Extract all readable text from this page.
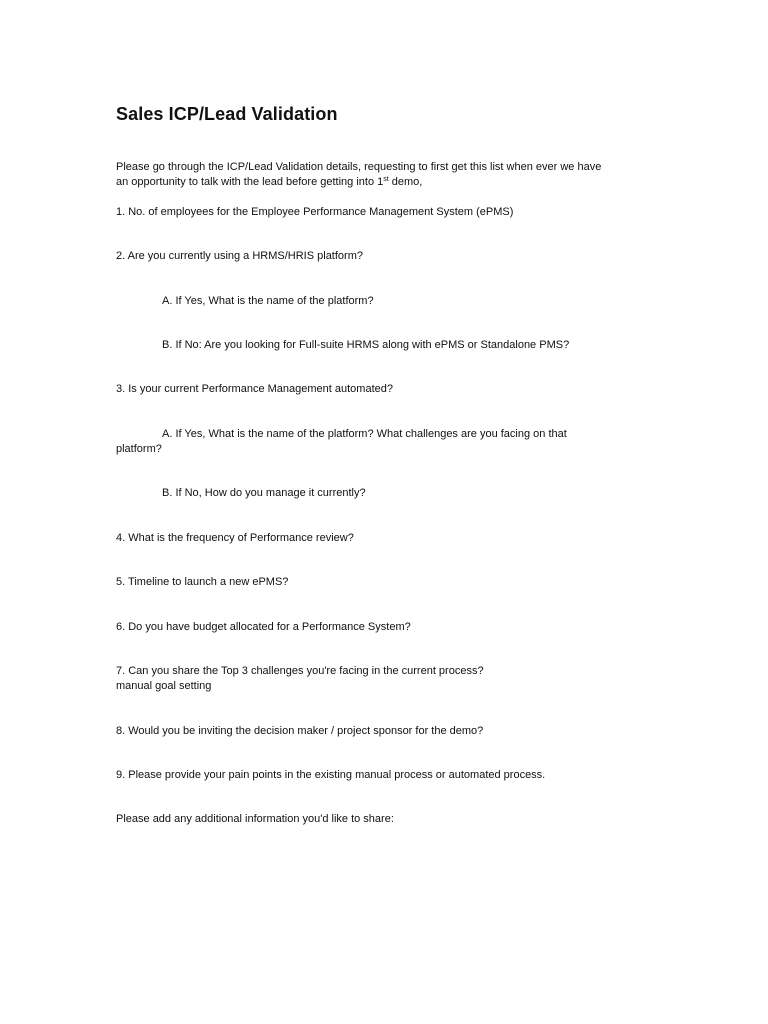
Sales ICP/Lead Validation
Please go through the ICP/Lead Validation details, requesting to first get this list when ever we have
an opportunity to talk with the lead before getting into 1st demo,
1. No. of employees for the Employee Performance Management System (ePMS)
2. Are you currently using a HRMS/HRIS platform?
A. If Yes, What is the name of the platform?
B. If No: Are you looking for Full-suite HRMS along with ePMS or Standalone PMS?
3. Is your current Performance Management automated?
A. If Yes, What is the name of the platform? What challenges are you facing on that
platform?
B. If No, How do you manage it currently?
4. What is the frequency of Performance review?
5. Timeline to launch a new ePMS?
6. Do you have budget allocated for a Performance System?
7. Can you share the Top 3 challenges you're facing in the current process?
manual goal setting
8. Would you be inviting the decision maker / project sponsor for the demo?
9. Please provide your pain points in the existing manual process or automated process.
Please add any additional information you'd like to share:
